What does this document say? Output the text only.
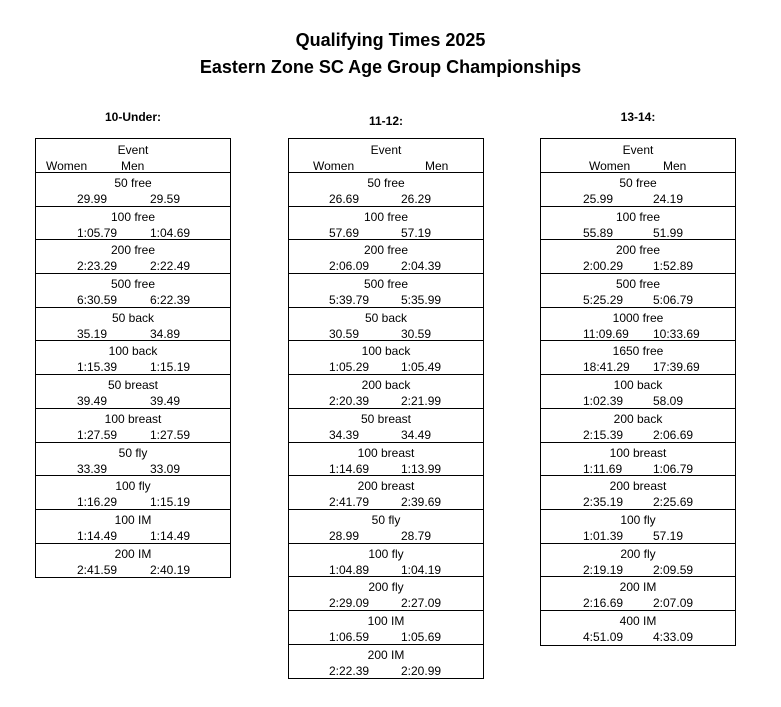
Qualifying Times 2025
Eastern Zone SC Age Group Championships
10-Under:	11-12:	13-14:
Event
Women	Men
50 free
29.99	29.59
100 free
1:05.79	1:04.69
200 free
2:23.29	2:22.49
500 free
6:30.59	6:22.39
50 back
35.19	34.89
100 back
1:15.39	1:15.19
50 breast
39.49	39.49
100 breast
1:27.59	1:27.59
50 fly
33.39	33.09
100 fly
1:16.29	1:15.19
100 IM
1:14.49	1:14.49
200 IM
2:41.59	2:40.19
Event
Women	Men
50 free
26.69	26.29
100 free
57.69	57.19
200 free
2:06.09	2:04.39
500 free
5:39.79	5:35.99
50 back
30.59	30.59
100 back
1:05.29	1:05.49
200 back
2:20.39	2:21.99
50 breast
34.39	34.49
100 breast
1:14.69	1:13.99
200 breast
2:41.79	2:39.69
50 fly
28.99	28.79
100 fly
1:04.89	1:04.19
200 fly
2:29.09	2:27.09
100 IM
1:06.59	1:05.69
200 IM
2:22.39	2:20.99
Event
Women	Men
50 free
25.99	24.19
100 free
55.89	51.99
200 free
2:00.29 1:52.89
500 free
5:25.29 5:06.79
1000 free
11:09.69 10:33.69
1650 free
18:41.29 17:39.69
100 back
1:02.39 58.09
200 back
2:15.39 2:06.69
100 breast
1:11.69	1:06.79
200 breast
2:35.19 2:25.69
100 fly
1:01.39 57.19
200 fly
2:19.19 2:09.59
200 IM
2:16.69 2:07.09
400 IM
4:51.09 4:33.09
